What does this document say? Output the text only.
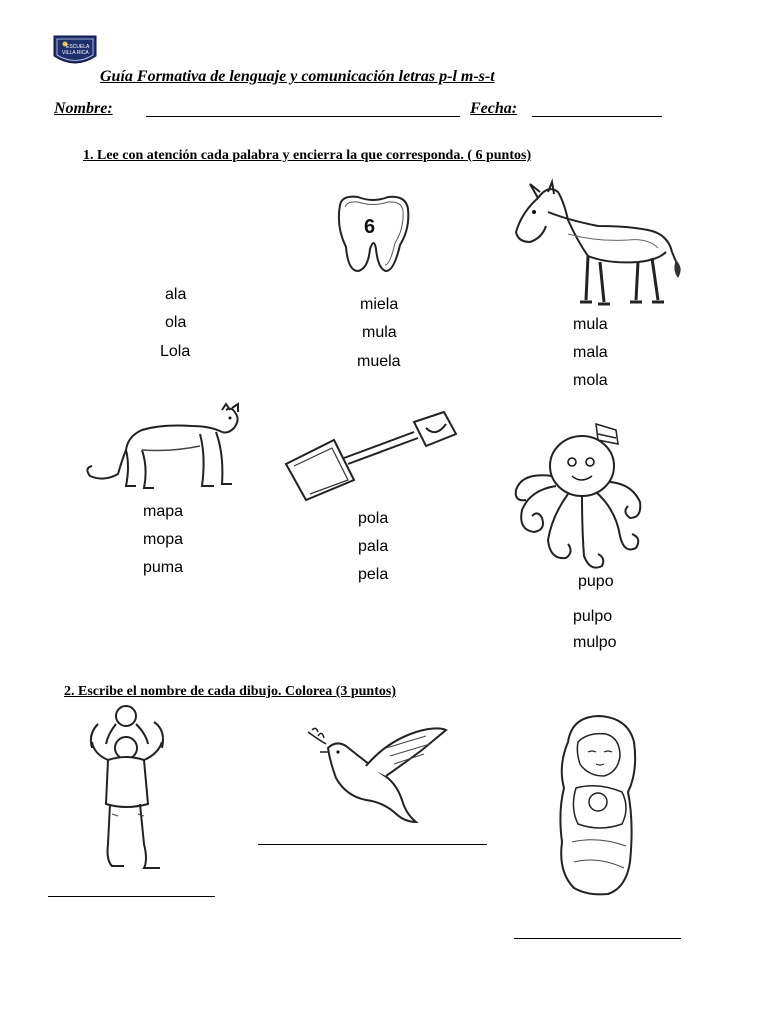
ESCUELA
VILLA RICA
Guía Formativa de lenguaje y comunicación letras p-l m-s-t
Nombre:	Fecha:
1. Lee con atención cada palabra y encierra la que corresponda. ( 6 puntos)
6
ala
ola
Lola
miela
mula
muela
mula
mala
mola
mapa
mopa
puma
pola
pala
pela	pupo
pulpo
mulpo
2. Escribe el nombre de cada dibujo. Colorea (3 puntos)
